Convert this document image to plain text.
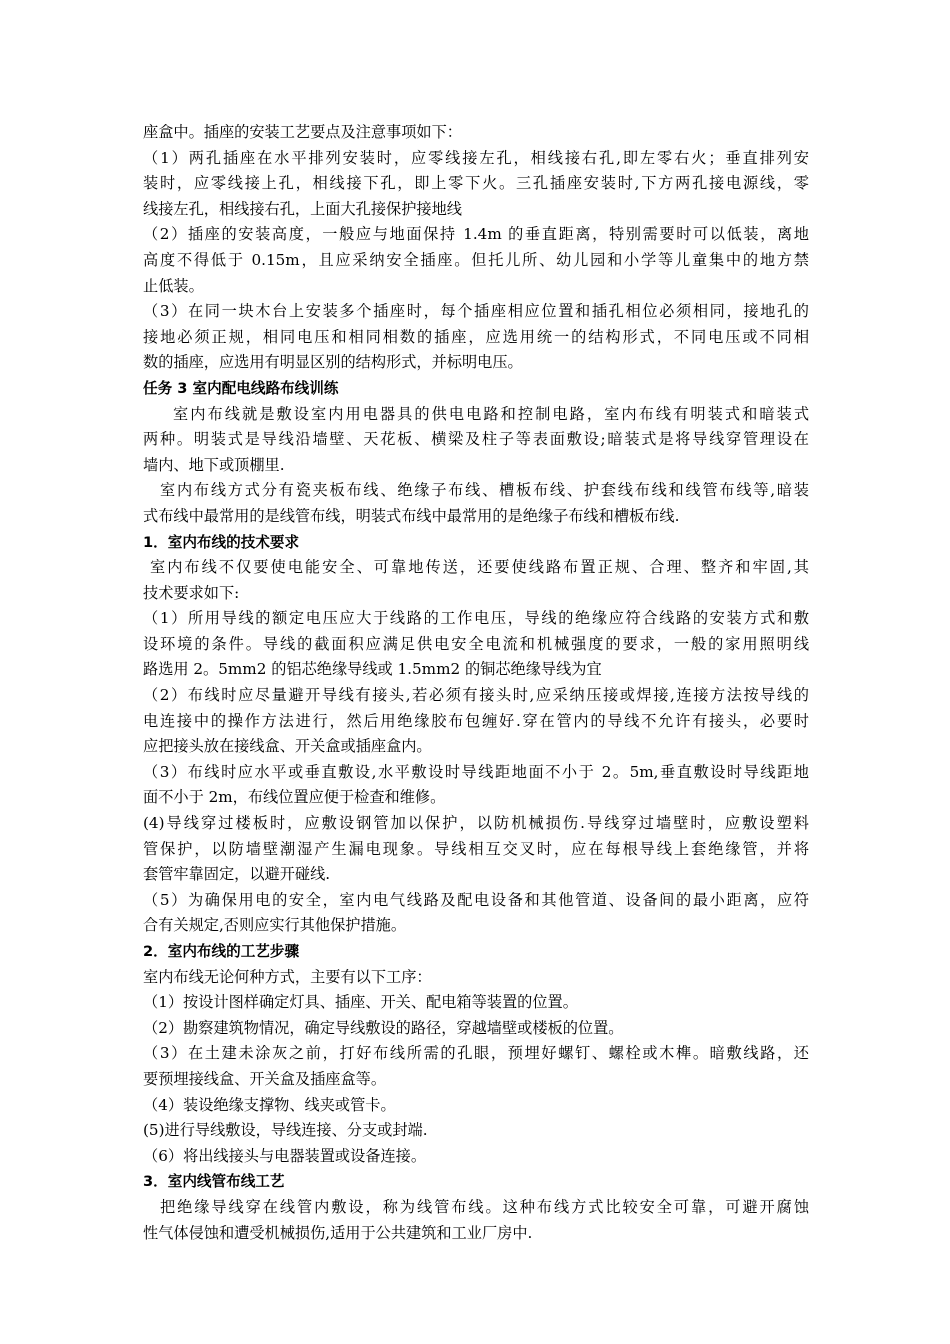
座盒中。插座的安装工艺要点及注意事项如下：
（1）两孔插座在水平排列安装时，应零线接左孔，相线接右孔,即左零右火；垂直排列安
装时，应零线接上孔，相线接下孔，即上零下火。三孔插座安装时,下方两孔接电源线，零
线接左孔，相线接右孔，上面大孔接保护接地线
（2）插座的安装高度，一般应与地面保持 1.4m 的垂直距离，特别需要时可以低装，离地
高度不得低于 0.15m，且应采纳安全插座。但托儿所、幼儿园和小学等儿童集中的地方禁
止低装。
（3）在同一块木台上安装多个插座时，每个插座相应位置和插孔相位必须相同，接地孔的
接地必须正规，相同电压和相同相数的插座，应选用统一的结构形式，不同电压或不同相
数的插座，应选用有明显区别的结构形式，并标明电压。
任务 3 室内配电线路布线训练
室内布线就是敷设室内用电器具的供电电路和控制电路，室内布线有明装式和暗装式
两种。明装式是导线沿墙壁、天花板、横梁及柱子等表面敷设;暗装式是将导线穿管理设在
墙内、地下或顶棚里.
室内布线方式分有瓷夹板布线、绝缘子布线、槽板布线、护套线布线和线管布线等,暗装
式布线中最常用的是线管布线，明装式布线中最常用的是绝缘子布线和槽板布线.
1．室内布线的技术要求
室内布线不仅要使电能安全、可靠地传送，还要使线路布置正规、合理、整齐和牢固,其
技术要求如下:
（1）所用导线的额定电压应大于线路的工作电压，导线的绝缘应符合线路的安装方式和敷
设环境的条件。导线的截面积应满足供电安全电流和机械强度的要求，一般的家用照明线
路选用 2。5mm2 的铝芯绝缘导线或 1.5mm2 的铜芯绝缘导线为宜
（2）布线时应尽量避开导线有接头,若必须有接头时,应采纳压接或焊接,连接方法按导线的
电连接中的操作方法进行，然后用绝缘胶布包缠好.穿在管内的导线不允许有接头，必要时
应把接头放在接线盒、开关盒或插座盒内。
（3）布线时应水平或垂直敷设,水平敷设时导线距地面不小于 2。5m,垂直敷设时导线距地
面不小于 2m，布线位置应便于检查和维修。
(4)导线穿过楼板时，应敷设钢管加以保护，以防机械损伤.导线穿过墙壁时，应敷设塑料
管保护，以防墙壁潮湿产生漏电现象。导线相互交叉时，应在每根导线上套绝缘管，并将
套管牢靠固定，以避开碰线.
（5）为确保用电的安全，室内电气线路及配电设备和其他管道、设备间的最小距离，应符
合有关规定,否则应实行其他保护措施。
2．室内布线的工艺步骤
室内布线无论何种方式，主要有以下工序：
（1）按设计图样确定灯具、插座、开关、配电箱等装置的位置。
（2）勘察建筑物情况，确定导线敷设的路径，穿越墙壁或楼板的位置。
（3）在土建未涂灰之前，打好布线所需的孔眼，预埋好螺钉、螺栓或木榫。暗敷线路，还
要预埋接线盒、开关盒及插座盒等。
（4）装设绝缘支撑物、线夹或管卡。
(5)进行导线敷设，导线连接、分支或封端.
（6）将出线接头与电器装置或设备连接。
3．室内线管布线工艺
把绝缘导线穿在线管内敷设，称为线管布线。这种布线方式比较安全可靠，可避开腐蚀
性气体侵蚀和遭受机械损伤,适用于公共建筑和工业厂房中.
